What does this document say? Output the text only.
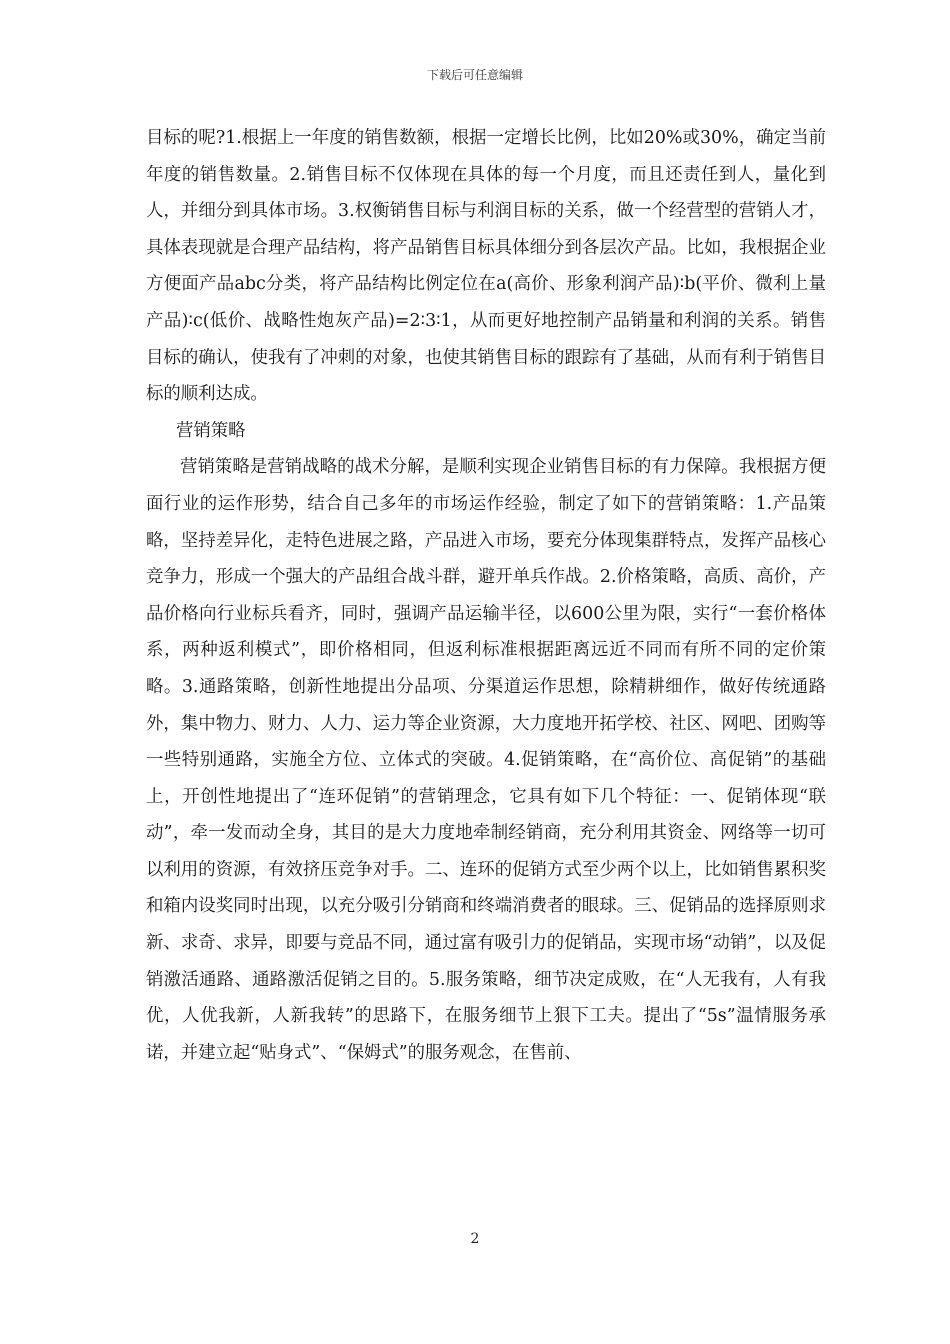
下载后可任意编辑

目标的呢?1.根据上一年度的销售数额，根据一定增长比例，比如20%或30%，确定当前年度的销售数量。2.销售目标不仅体现在具体的每一个月度，而且还责任到人，量化到人，并细分到具体市场。3.权衡销售目标与利润目标的关系，做一个经营型的营销人才，具体表现就是合理产品结构，将产品销售目标具体细分到各层次产品。比如，我根据企业方便面产品abc分类，将产品结构比例定位在a(高价、形象利润产品)∶b(平价、微利上量产品)∶c(低价、战略性炮灰产品)=2∶3∶1，从而更好地控制产品销量和利润的关系。销售目标的确认，使我有了冲刺的对象，也使其销售目标的跟踪有了基础，从而有利于销售目标的顺利达成。

营销策略

营销策略是营销战略的战术分解，是顺利实现企业销售目标的有力保障。我根据方便面行业的运作形势，结合自己多年的市场运作经验，制定了如下的营销策略：1.产品策略，坚持差异化，走特色进展之路，产品进入市场，要充分体现集群特点，发挥产品核心竞争力，形成一个强大的产品组合战斗群，避开单兵作战。2.价格策略，高质、高价，产品价格向行业标兵看齐，同时，强调产品运输半径，以600公里为限，实行“一套价格体系，两种返利模式”，即价格相同，但返利标准根据距离远近不同而有所不同的定价策略。3.通路策略，创新性地提出分品项、分渠道运作思想，除精耕细作，做好传统通路外，集中物力、财力、人力、运力等企业资源，大力度地开拓学校、社区、网吧、团购等一些特别通路，实施全方位、立体式的突破。4.促销策略，在“高价位、高促销”的基础上，开创性地提出了“连环促销”的营销理念，它具有如下几个特征：一、促销体现“联动”，牵一发而动全身，其目的是大力度地牵制经销商，充分利用其资金、网络等一切可以利用的资源，有效挤压竞争对手。二、连环的促销方式至少两个以上，比如销售累积奖和箱内设奖同时出现，以充分吸引分销商和终端消费者的眼球。三、促销品的选择原则求新、求奇、求异，即要与竞品不同，通过富有吸引力的促销品，实现市场“动销”，以及促销激活通路、通路激活促销之目的。5.服务策略，细节决定成败，在“人无我有，人有我优，人优我新，人新我转”的思路下，在服务细节上狠下工夫。提出了“5s”温情服务承诺，并建立起“贴身式”、“保姆式”的服务观念，在售前、

2
